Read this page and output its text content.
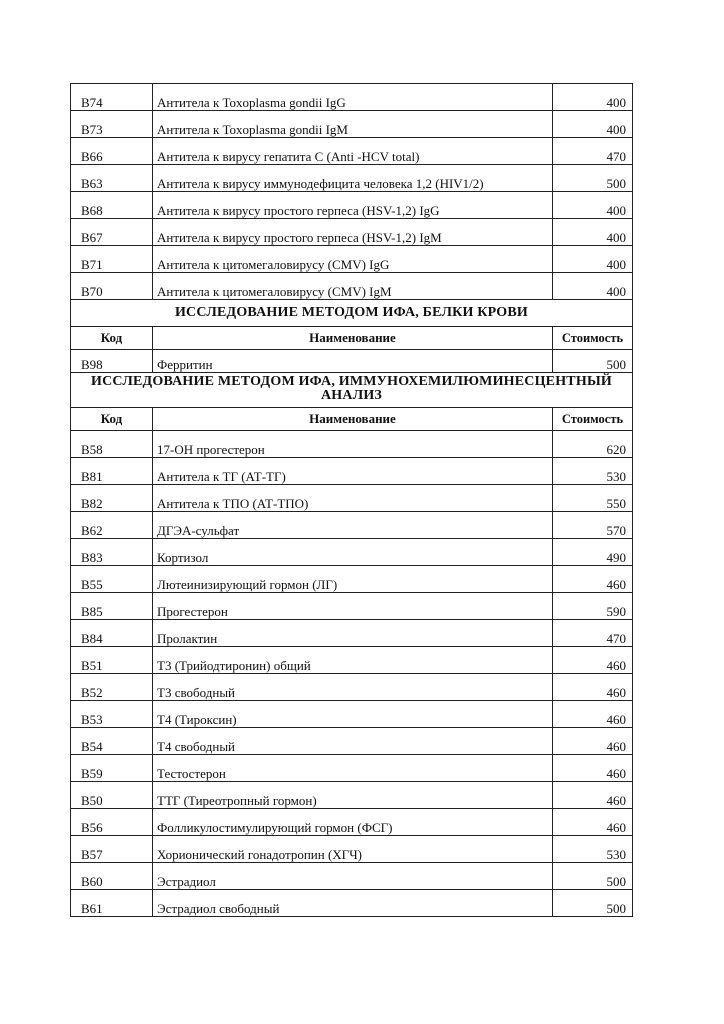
B74	Антитела к Toxoplasma gondii IgG	400
B73	Антитела к Toxoplasma gondii IgM	400
B66	Антитела к вирусу гепатита С (Anti -HCV total)	470
B63	Антитела к вирусу иммунодефицита человека 1,2 (HIV1/2)	500
B68	Антитела к вирусу простого герпеса (HSV-1,2) IgG	400
B67	Антитела к вирусу простого герпеса (HSV-1,2) IgM	400
B71	Антитела к цитомегаловирусу (CMV) IgG	400
B70	Антитела к цитомегаловирусу (CMV) IgM	400
ИССЛЕДОВАНИЕ МЕТОДОМ ИФА, БЕЛКИ КРОВИ		
Код	Наименование	Стоимость
B98	Ферритин	500

ИССЛЕДОВАНИЕ МЕТОДОМ ИФА, ИММУНОХЕМИЛЮМИНЕСЦЕНТНЫЙ
АНАЛИЗ		

Код	Наименование	Стоимость
B58	17-ОН прогестерон	620
B81	Антитела к ТГ (АТ-ТГ)	530
B82	Антитела к ТПО (АТ-ТПО)	550
B62	ДГЭА-сульфат	570
B83	Кортизол	490
B55	Лютеинизирующий гормон (ЛГ)	460
B85	Прогестерон	590
B84	Пролактин	470
B51	Т3 (Трийодтиронин) общий	460
B52	Т3 свободный	460
B53	Т4 (Тироксин)	460
B54	Т4 свободный	460
B59	Тестостерон	460
B50	ТТГ (Тиреотропный гормон)	460
B56	Фолликулостимулирующий гормон (ФСГ)	460
B57	Хорионический гонадотропин (ХГЧ)	530
B60	Эстрадиол	500
B61	Эстрадиол свободный	500
